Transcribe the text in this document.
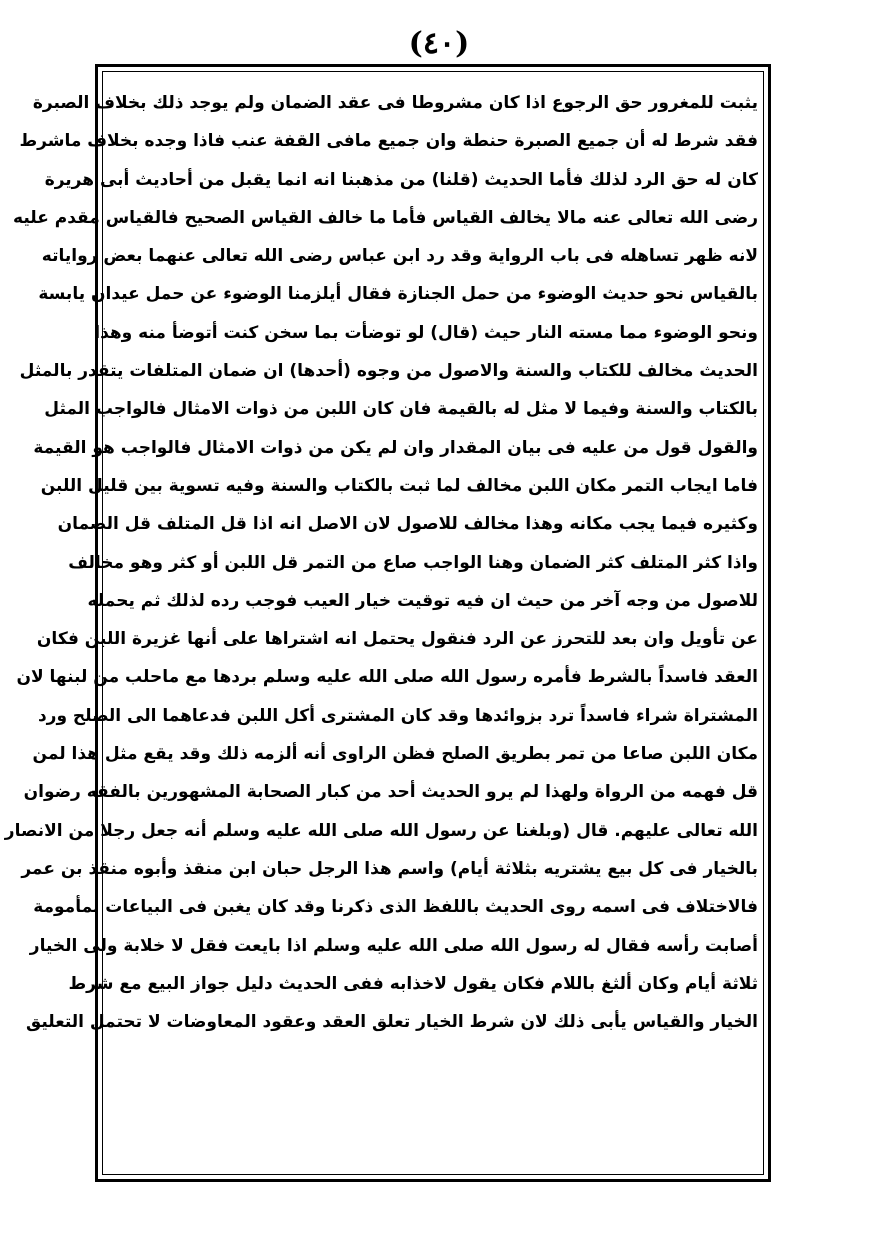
(٤٠)
يثبت للمغرور حق الرجوع اذا كان مشروطا فى عقد الضمان ولم يوجد ذلك بخلاف الصبرة
فقد شرط له أن جميع الصبرة حنطة وان جميع مافى القفة عنب فاذا وجده بخلاف ماشرط
كان له حق الرد لذلك فأما الحديث (قلنا) من مذهبنا انه انما يقبل من أحاديث أبى هريرة
رضى الله تعالى عنه مالا يخالف القياس فأما ما خالف القياس الصحيح فالقياس مقدم عليه
لانه ظهر تساهله فى باب الرواية وقد رد ابن عباس رضى الله تعالى عنهما بعض رواياته
بالقياس نحو حديث الوضوء من حمل الجنازة فقال أيلزمنا الوضوء عن حمل عيدان يابسة
ونحو الوضوء مما مسته النار حيث (قال) لو توضأت بما سخن كنت أتوضأ منه وهذا
الحديث مخالف للكتاب والسنة والاصول من وجوه (أحدها) ان ضمان المتلفات يتقدر بالمثل
بالكتاب والسنة وفيما لا مثل له بالقيمة فان كان اللبن من ذوات الامثال فالواجب المثل
والقول قول من عليه فى بيان المقدار وان لم يكن من ذوات الامثال فالواجب هو القيمة
فاما ايجاب التمر مكان اللبن مخالف لما ثبت بالكتاب والسنة وفيه تسوية بين قليل اللبن
وكثيره فيما يجب مكانه وهذا مخالف للاصول لان الاصل انه اذا قل المتلف قل الضمان
واذا كثر المتلف كثر الضمان وهنا الواجب صاع من التمر قل اللبن أو كثر وهو مخالف
للاصول من وجه آخر من حيث ان فيه توقيت خيار العيب فوجب رده لذلك ثم يحمله
عن تأويل وان بعد للتحرز عن الرد فنقول يحتمل انه اشتراها على أنها غزيرة اللبن فكان
العقد فاسداً بالشرط فأمره رسول الله صلى الله عليه وسلم بردها مع ماحلب من لبنها لان
المشتراة شراء فاسداً ترد بزوائدها وقد كان المشترى أكل اللبن فدعاهما الى الصلح ورد
مكان اللبن صاعا من تمر بطريق الصلح فظن الراوى أنه ألزمه ذلك وقد يقع مثل هذا لمن
قل فهمه من الرواة ولهذا لم يرو الحديث أحد من كبار الصحابة المشهورين بالفقه رضوان
الله تعالى عليهم. قال (وبلغنا عن رسول الله صلى الله عليه وسلم أنه جعل رجلا من الانصار
بالخيار فى كل بيع يشتريه بثلاثة أيام) واسم هذا الرجل حبان ابن منقذ وأبوه منقذ بن عمر
فالاختلاف فى اسمه روى الحديث باللفظ الذى ذكرنا وقد كان يغبن فى البياعات لمأمومة
أصابت رأسه فقال له رسول الله صلى الله عليه وسلم اذا بايعت فقل لا خلابة ولى الخيار
ثلاثة أيام وكان ألثغ باللام فكان يقول لاخذابه ففى الحديث دليل جواز البيع مع شرط
الخيار والقياس يأبى ذلك لان شرط الخيار تعلق العقد وعقود المعاوضات لا تحتمل التعليق
